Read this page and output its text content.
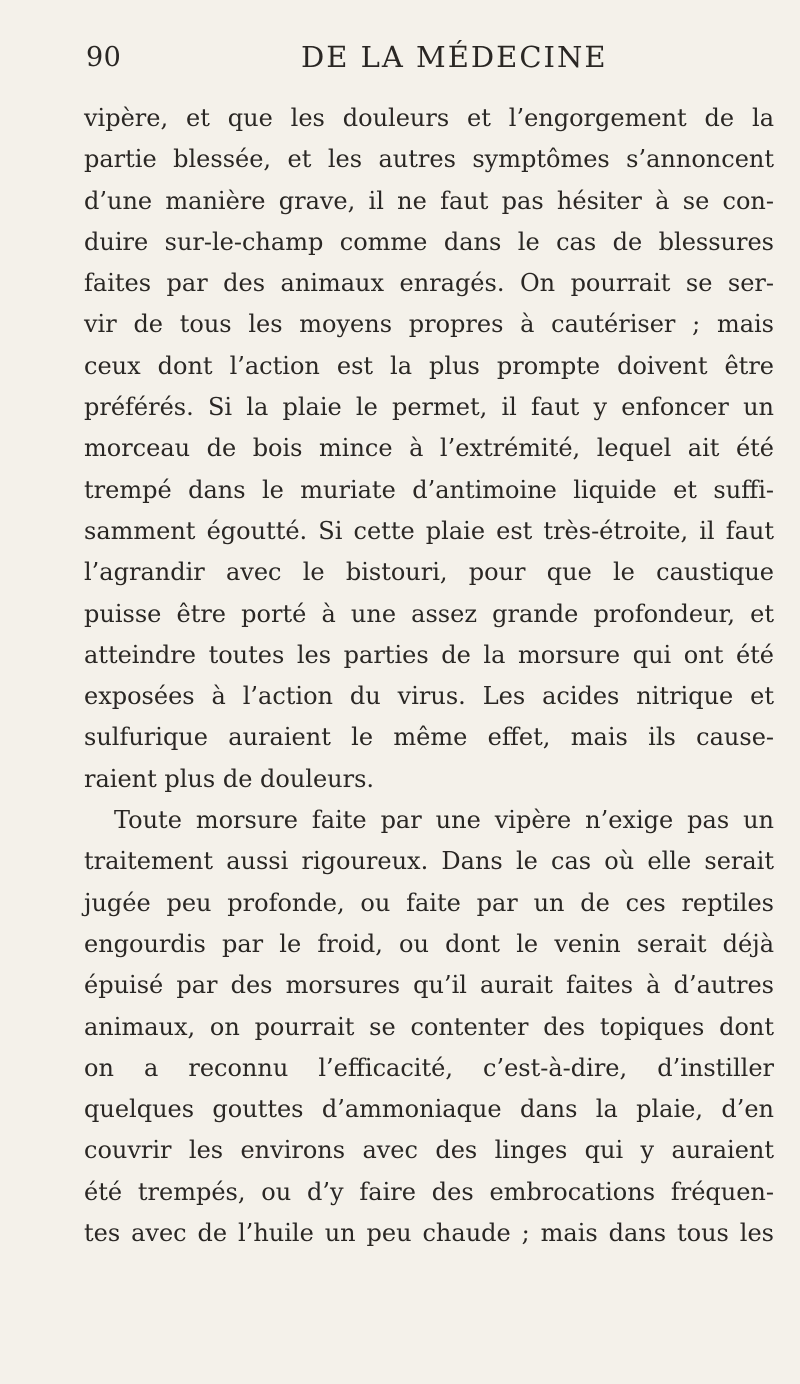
90	DE LA MÉDECINE
vipère, et que les douleurs et l’engorgement de la
partie blessée, et les autres symptômes s’annoncent
d’une manière grave, il ne faut pas hésiter à se con-
duire sur-le-champ comme dans le cas de blessures
faites par des animaux enragés. On pourrait se ser-
vir de tous les moyens propres à cautériser ; mais
ceux dont l’action est la plus prompte doivent être
préférés. Si la plaie le permet, il faut y enfoncer un
morceau de bois mince à l’extrémité, lequel ait été
trempé dans le muriate d’antimoine liquide et suffi-
samment égoutté. Si cette plaie est très-étroite, il faut
l’agrandir avec le bistouri, pour que le caustique
puisse être porté à une assez grande profondeur, et
atteindre toutes les parties de la morsure qui ont été
exposées à l’action du virus. Les acides nitrique et
sulfurique auraient le même effet, mais ils cause-
raient plus de douleurs.
Toute morsure faite par une vipère n’exige pas un
traitement aussi rigoureux. Dans le cas où elle serait
jugée peu profonde, ou faite par un de ces reptiles
engourdis par le froid, ou dont le venin serait déjà
épuisé par des morsures qu’il aurait faites à d’autres
animaux, on pourrait se contenter des topiques dont
on a reconnu l’efficacité, c’est-à-dire, d’instiller
quelques gouttes d’ammoniaque dans la plaie, d’en
couvrir les environs avec des linges qui y auraient
été trempés, ou d’y faire des embrocations fréquen-
tes avec de l’huile un peu chaude ; mais dans tous les
